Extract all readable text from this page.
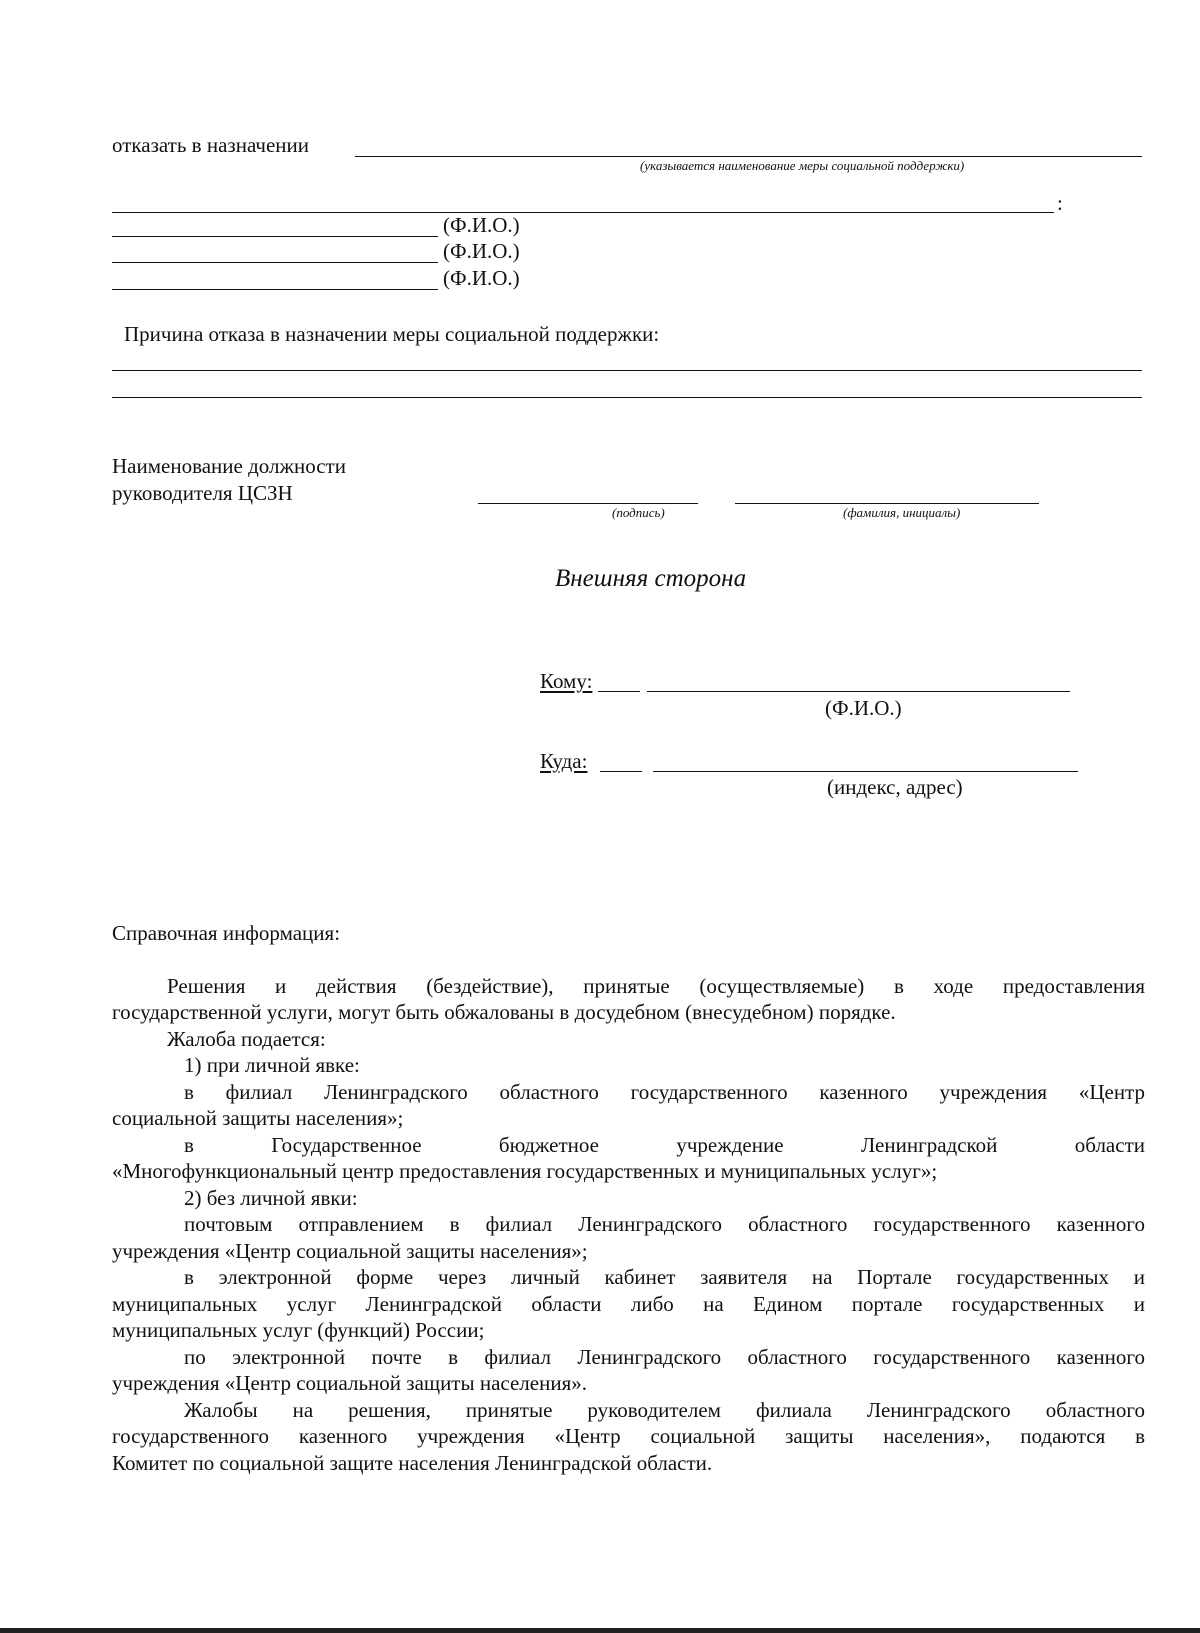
отказать в назначении
(указывается наименование меры социальной поддержки)
:
(Ф.И.О.)
(Ф.И.О.)
(Ф.И.О.)
Причина отказа в назначении меры социальной поддержки:
Наименование должности
руководителя ЦСЗН
(подпись)	(фамилия, инициалы)
Внешняя сторона
Кому:
(Ф.И.О.)
Куда:
(индекс, адрес)
Справочная информация:
Решения и действия (бездействие), принятые (осуществляемые) в ходе предоставления
государственной услуги, могут быть обжалованы в досудебном (внесудебном) порядке.
Жалоба подается:
1) при личной явке:
в филиал Ленинградского областного государственного казенного учреждения «Центр
социальной защиты населения»;
в Государственное бюджетное учреждение Ленинградской области
«Многофункциональный центр предоставления государственных и муниципальных услуг»;
2) без личной явки:
почтовым отправлением в филиал Ленинградского областного государственного казенного
учреждения «Центр социальной защиты населения»;
в электронной форме через личный кабинет заявителя на Портале государственных и
муниципальных услуг Ленинградской области либо на Едином портале государственных и
муниципальных услуг (функций) России;
по электронной почте в филиал Ленинградского областного государственного казенного
учреждения «Центр социальной защиты населения».
Жалобы на решения, принятые руководителем филиала Ленинградского областного
государственного казенного учреждения «Центр социальной защиты населения», подаются в
Комитет по социальной защите населения Ленинградской области.
